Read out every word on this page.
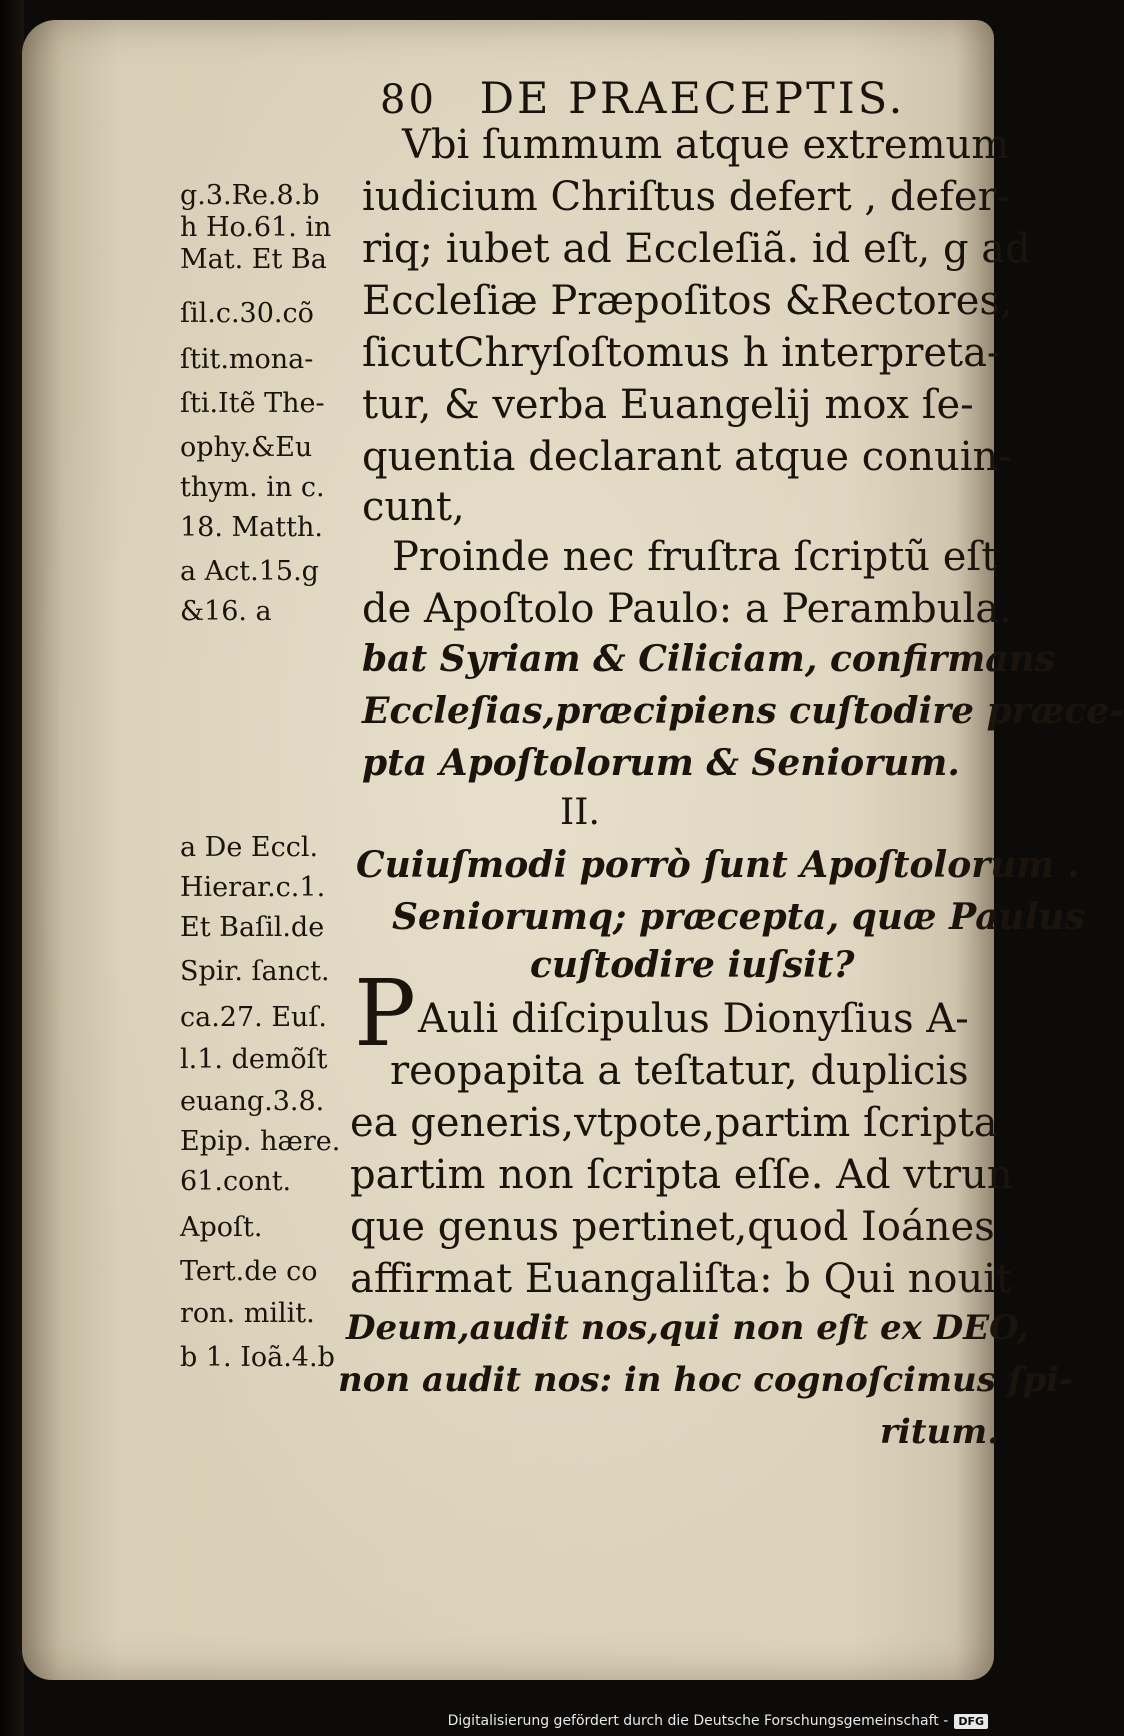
80 DE PRAECEPTIS.
Vbi ſummum atque extremum
iudicium Chriſtus defert , defer-
riq; iubet ad Eccleſiã. id eſt, g ad
Eccleſiæ Præpoſitos &Rectores,
ſicutChryſoſtomus h interpreta-
tur, & verba Euangelij mox ſe-
quentia declarant atque conuin-
cunt,
Proinde nec fruſtra ſcriptũ eſt
de Apoſtolo Paulo: a Perambula.
bat Syriam & Ciliciam, confirmans
Eccleſias,præcipiens cuſtodire præce-
pta Apoſtolorum & Seniorum.
II.
Cuiuſmodi porrò ſunt Apoſtolorum .
Seniorumq; præcepta, quæ Paulus
cuſtodire iuſsit?
P Auli diſcipulus Dionyſius A-
reopapita a teſtatur, duplicis
ea generis,vtpote,partim ſcripta
partim non ſcripta eſſe. Ad vtrun
que genus pertinet,quod Ioánes
affirmat Euangaliſta: b Qui nouit
Deum,audit nos,qui non eſt ex DEO,
non audit nos: in hoc cognoſcimus ſpi-
ritum.
g.3.Re.8.b
h Ho.61. in
Mat. Et Ba
ſil.c.30.cõ
ſtit.mona-
ſti.Itẽ The-
ophy.&Eu
thym. in c.
18. Matth.
a Act.15.g
&16. a
a De Eccl.
Hierar.c.1.
Et Baſil.de
Spir. ſanct.
ca.27. Euſ.
l.1. demõſt
euang.3.8.
Epip. hære.
61.cont.
Apoſt.
Tert.de co
ron. milit.
b 1. Ioã.4.b
Digitalisierung gefördert durch die Deutsche Forschungsgemeinschaft - DFG
